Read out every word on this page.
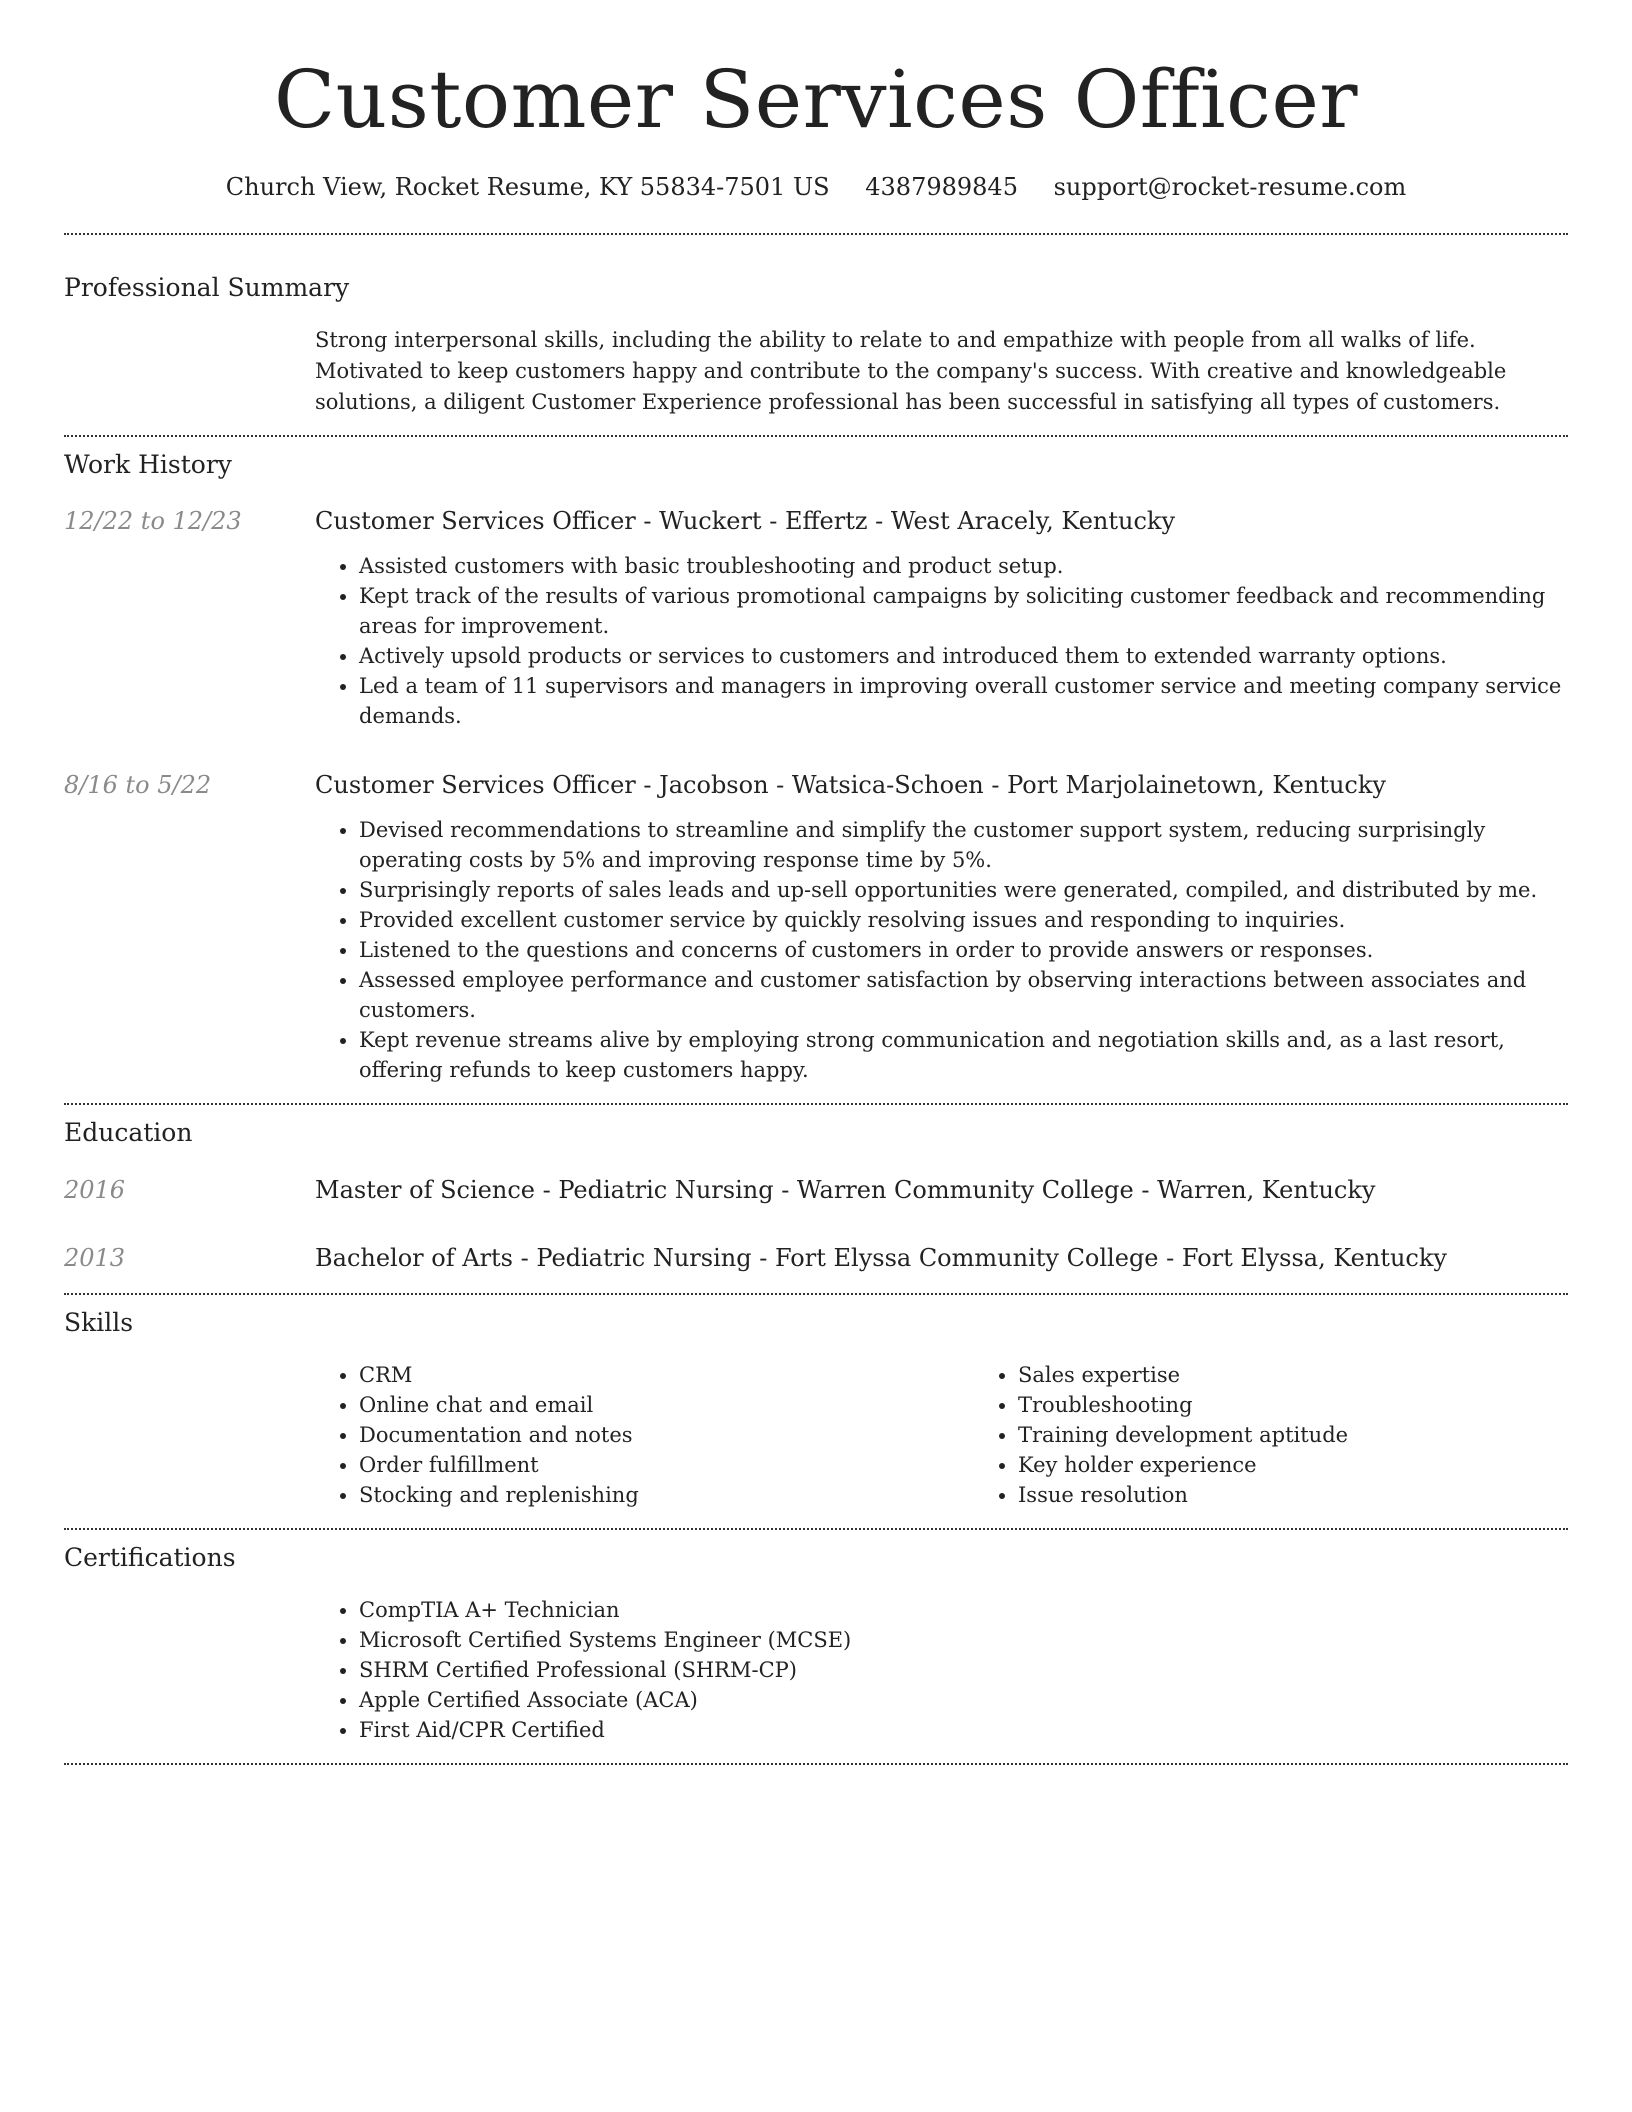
Customer Services Officer
Church View, Rocket Resume, KY 55834-7501 US 4387989845 support@rocket-resume.com
Professional Summary

Strong interpersonal skills, including the ability to relate to and empathize with people from all walks of life. Motivated to keep customers happy and contribute to the company's success. With creative and knowledgeable solutions, a diligent Customer Experience professional has been successful in satisfying all types of customers.

Work History
12/22 to 12/23	Customer Services Officer - Wuckert - Effertz - West Aracely, Kentucky
• Assisted customers with basic troubleshooting and product setup.
• Kept track of the results of various promotional campaigns by soliciting customer feedback and recommending areas for improvement.
• Actively upsold products or services to customers and introduced them to extended warranty options.
• Led a team of 11 supervisors and managers in improving overall customer service and meeting company service demands.
8/16 to 5/22	Customer Services Officer - Jacobson - Watsica-Schoen - Port Marjolainetown, Kentucky
• Devised recommendations to streamline and simplify the customer support system, reducing surprisingly operating costs by 5% and improving response time by 5%.
• Surprisingly reports of sales leads and up-sell opportunities were generated, compiled, and distributed by me.
• Provided excellent customer service by quickly resolving issues and responding to inquiries.
• Listened to the questions and concerns of customers in order to provide answers or responses.
• Assessed employee performance and customer satisfaction by observing interactions between associates and customers.
• Kept revenue streams alive by employing strong communication and negotiation skills and, as a last resort, offering refunds to keep customers happy.
Education
2016	Master of Science - Pediatric Nursing - Warren Community College - Warren, Kentucky
2013	Bachelor of Arts - Pediatric Nursing - Fort Elyssa Community College - Fort Elyssa, Kentucky
Skills
• CRM
• Online chat and email
• Documentation and notes
• Order fulfillment
• Stocking and replenishing
• Sales expertise
• Troubleshooting
• Training development aptitude
• Key holder experience
• Issue resolution
Certifications
• CompTIA A+ Technician
• Microsoft Certified Systems Engineer (MCSE)
• SHRM Certified Professional (SHRM-CP)
• Apple Certified Associate (ACA)
• First Aid/CPR Certified
